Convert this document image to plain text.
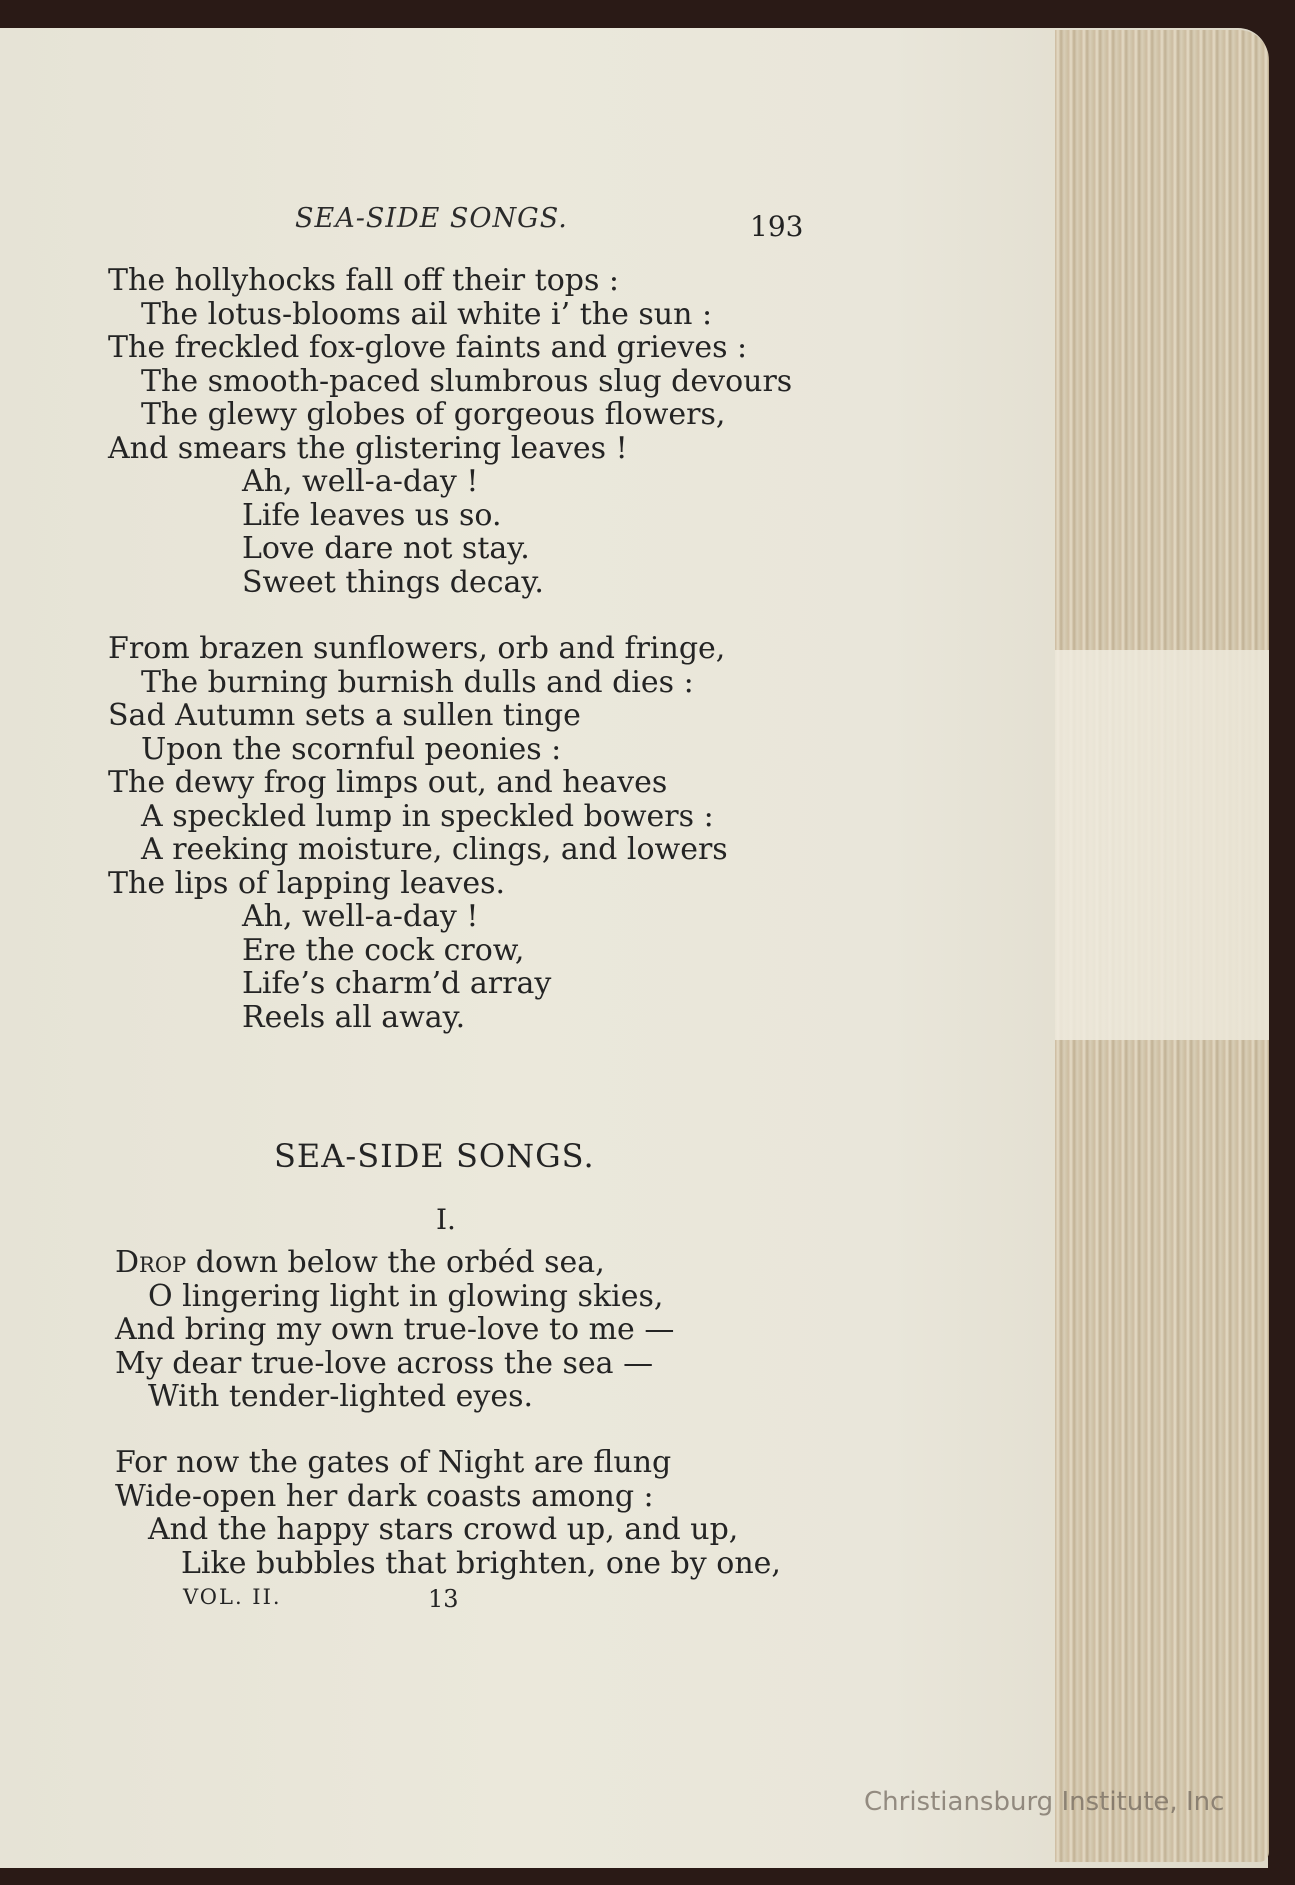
SEA-SIDE SONGS.	193
The hollyhocks fall off their tops :
The lotus-blooms ail white i’ the sun :
The freckled fox-glove faints and grieves :
The smooth-paced slumbrous slug devours
The glewy globes of gorgeous flowers,
And smears the glistering leaves !
Ah, well-a-day !
Life leaves us so.
Love dare not stay.
Sweet things decay.
From brazen sunflowers, orb and fringe,
The burning burnish dulls and dies :
Sad Autumn sets a sullen tinge
Upon the scornful peonies :
The dewy frog limps out, and heaves
A speckled lump in speckled bowers :
A reeking moisture, clings, and lowers
The lips of lapping leaves.
Ah, well-a-day !
Ere the cock crow,
Life’s charm’d array
Reels all away.
SEA-SIDE SONGS.
I.
Drop down below the orbéd sea,
O lingering light in glowing skies,
And bring my own true-love to me —
My dear true-love across the sea —
With tender-lighted eyes.
For now the gates of Night are flung
Wide-open her dark coasts among :
And the happy stars crowd up, and up,
Like bubbles that brighten, one by one,
VOL. II.	13
Christiansburg Institute, Inc
